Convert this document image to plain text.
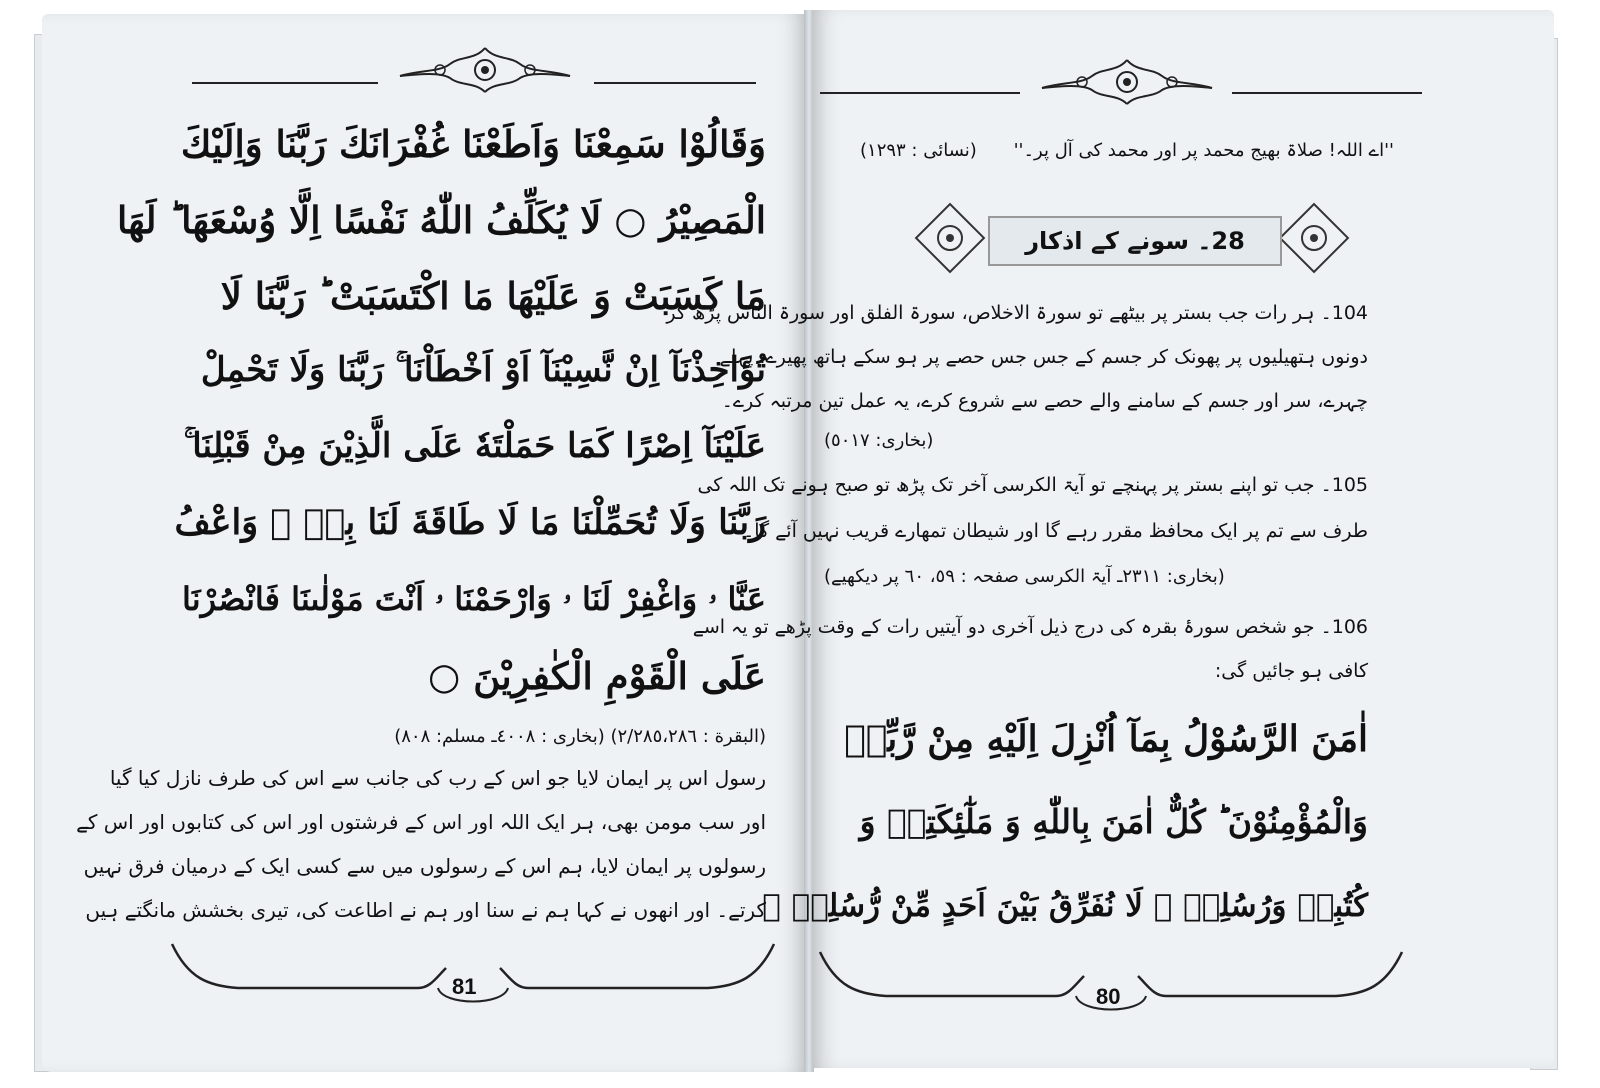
وَقَالُوْا سَمِعْنَا وَاَطَعْنَا غُفْرَانَكَ رَبَّنَا وَاِلَيْكَ
الْمَصِيْرُ ○ لَا يُكَلِّفُ اللّٰهُ نَفْسًا اِلَّا وُسْعَهَا ؕ لَهَا
مَا كَسَبَتْ وَ عَلَيْهَا مَا اكْتَسَبَتْ ؕ رَبَّنَا لَا
تُؤَاخِذْنَآ اِنْ نَّسِيْنَآ اَوْ اَخْطَاْنَا ۚ رَبَّنَا وَلَا تَحْمِلْ
عَلَيْنَآ اِصْرًا كَمَا حَمَلْتَهٗ عَلَى الَّذِيْنَ مِنْ قَبْلِنَا ۚ
رَبَّنَا وَلَا تُحَمِّلْنَا مَا لَا طَاقَةَ لَنَا بِهٖ ۚ وَاعْفُ
عَنَّا ۥ وَاغْفِرْ لَنَا ۥ وَارْحَمْنَا ۥ اَنْتَ مَوْلٰىنَا فَانْصُرْنَا
عَلَى الْقَوْمِ الْكٰفِرِيْنَ ○
(البقرة : ٢/٢٨٥،٢٨٦) (بخاری : ٤٠٠٨ـ مسلم: ٨٠٨)
رسول اس پر ایمان لایا جو اس کے رب کی جانب سے اس کی طرف نازل کیا گیا
اور سب مومن بھی، ہر ایک اللہ اور اس کے فرشتوں اور اس کی کتابوں اور اس کے
رسولوں پر ایمان لایا، ہم اس کے رسولوں میں سے کسی ایک کے درمیان فرق نہیں
کرتے۔ اور انھوں نے کہا ہم نے سنا اور ہم نے اطاعت کی، تیری بخشش مانگتے ہیں
81
''اے اللہ! صلاۃ بھیج محمد پر اور محمد کی آل پر۔''
(نسائی : ١٢٩٣)
28۔ سونے کے اذکار
104۔ ہر رات جب بستر پر بیٹھے تو سورۃ الاخلاص، سورۃ الفلق اور سورۃ الناس پڑھ کر
دونوں ہتھیلیوں پر پھونک کر جسم کے جس جس حصے پر ہو سکے ہاتھ پھیرے، پہلے
چہرے، سر اور جسم کے سامنے والے حصے سے شروع کرے، یہ عمل تین مرتبہ کرے۔
(بخاری: ٥٠١٧)
105۔ جب تو اپنے بستر پر پہنچے تو آیۃ الکرسی آخر تک پڑھ تو صبح ہونے تک اللہ کی
طرف سے تم پر ایک محافظ مقرر رہے گا اور شیطان تمھارے قریب نہیں آئے گا۔
(بخاری: ٢٣١١ـ آیۃ الکرسی صفحہ : ٥٩، ٦٠ پر دیکھیے)
106۔ جو شخص سورۂ بقرہ کی درج ذیل آخری دو آیتیں رات کے وقت پڑھے تو یہ اسے
کافی ہو جائیں گی:
اٰمَنَ الرَّسُوْلُ بِمَآ اُنْزِلَ اِلَيْهِ مِنْ رَّبِّهٖ
وَالْمُؤْمِنُوْنَ ؕ كُلٌّ اٰمَنَ بِاللّٰهِ وَ مَلٰٓئِكَتِهٖ وَ
كُتُبِهٖ وَرُسُلِهٖ ۟ لَا نُفَرِّقُ بَيْنَ اَحَدٍ مِّنْ رُّسُلِهٖ ۟
80
